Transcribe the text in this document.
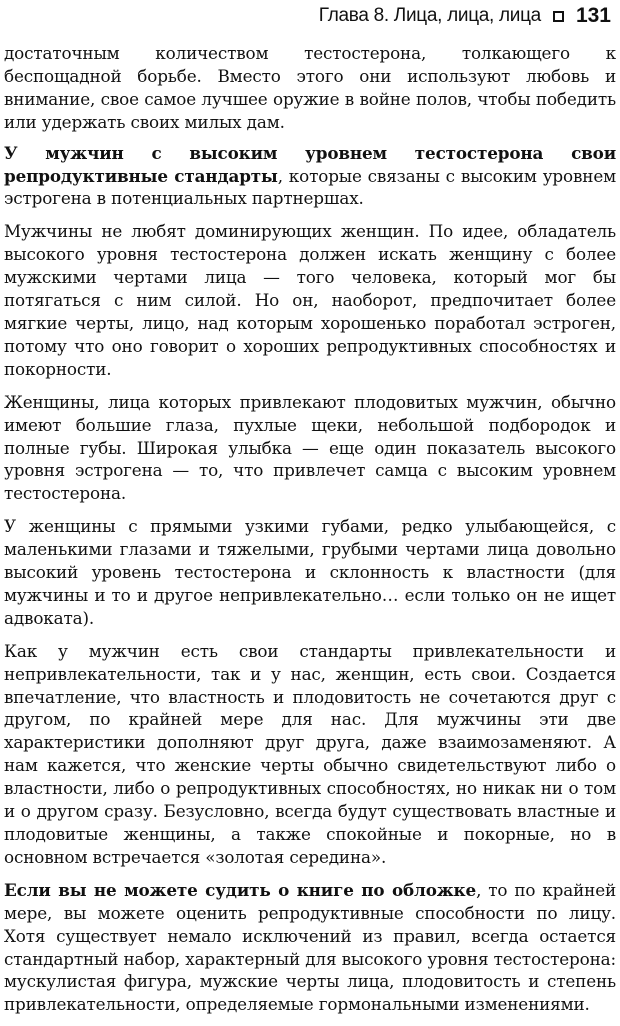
Глава 8. Лица, лица, лица 131

достаточным количеством тестостерона, толкающего к беспощадной борьбе. Вместо этого они используют любовь и внимание, свое самое лучшее оружие в войне полов, чтобы победить или удержать своих милых дам.

У мужчин с высоким уровнем тестостерона свои репродуктивные стандарты, которые связаны с высоким уровнем эстрогена в потенциальных партнершах.

Мужчины не любят доминирующих женщин. По идее, обладатель высокого уровня тестостерона должен искать женщину с более мужскими чертами лица — того человека, который мог бы потягаться с ним силой. Но он, наоборот, предпочитает более мягкие черты, лицо, над которым хорошенько поработал эстроген, потому что оно говорит о хороших репродуктивных способностях и покорности.

Женщины, лица которых привлекают плодовитых мужчин, обычно имеют большие глаза, пухлые щеки, небольшой подбородок и полные губы. Широкая улыбка — еще один показатель высокого уровня эстрогена — то, что привлечет самца с высоким уровнем тестостерона.

У женщины с прямыми узкими губами, редко улыбающейся, с маленькими глазами и тяжелыми, грубыми чертами лица довольно высокий уровень тестостерона и склонность к властности (для мужчины и то и другое непривлекательно… если только он не ищет адвоката).

Как у мужчин есть свои стандарты привлекательности и непривлекательности, так и у нас, женщин, есть свои. Создается впечатление, что властность и плодовитость не сочетаются друг с другом, по крайней мере для нас. Для мужчины эти две характеристики дополняют друг друга, даже взаимозаменяют. А нам кажется, что женские черты обычно свидетельствуют либо о властности, либо о репродуктивных способностях, но никак ни о том и о другом сразу. Безусловно, всегда будут существовать властные и плодовитые женщины, а также спокойные и покорные, но в основном встречается «золотая середина».

Если вы не можете судить о книге по обложке, то по крайней мере, вы можете оценить репродуктивные способности по лицу. Хотя существует немало исключений из правил, всегда остается стандартный набор, характерный для высокого уровня тестостерона: мускулистая фигура, мужские черты лица, плодовитость и степень привлекательности, определяемые гормональными изменениями.
